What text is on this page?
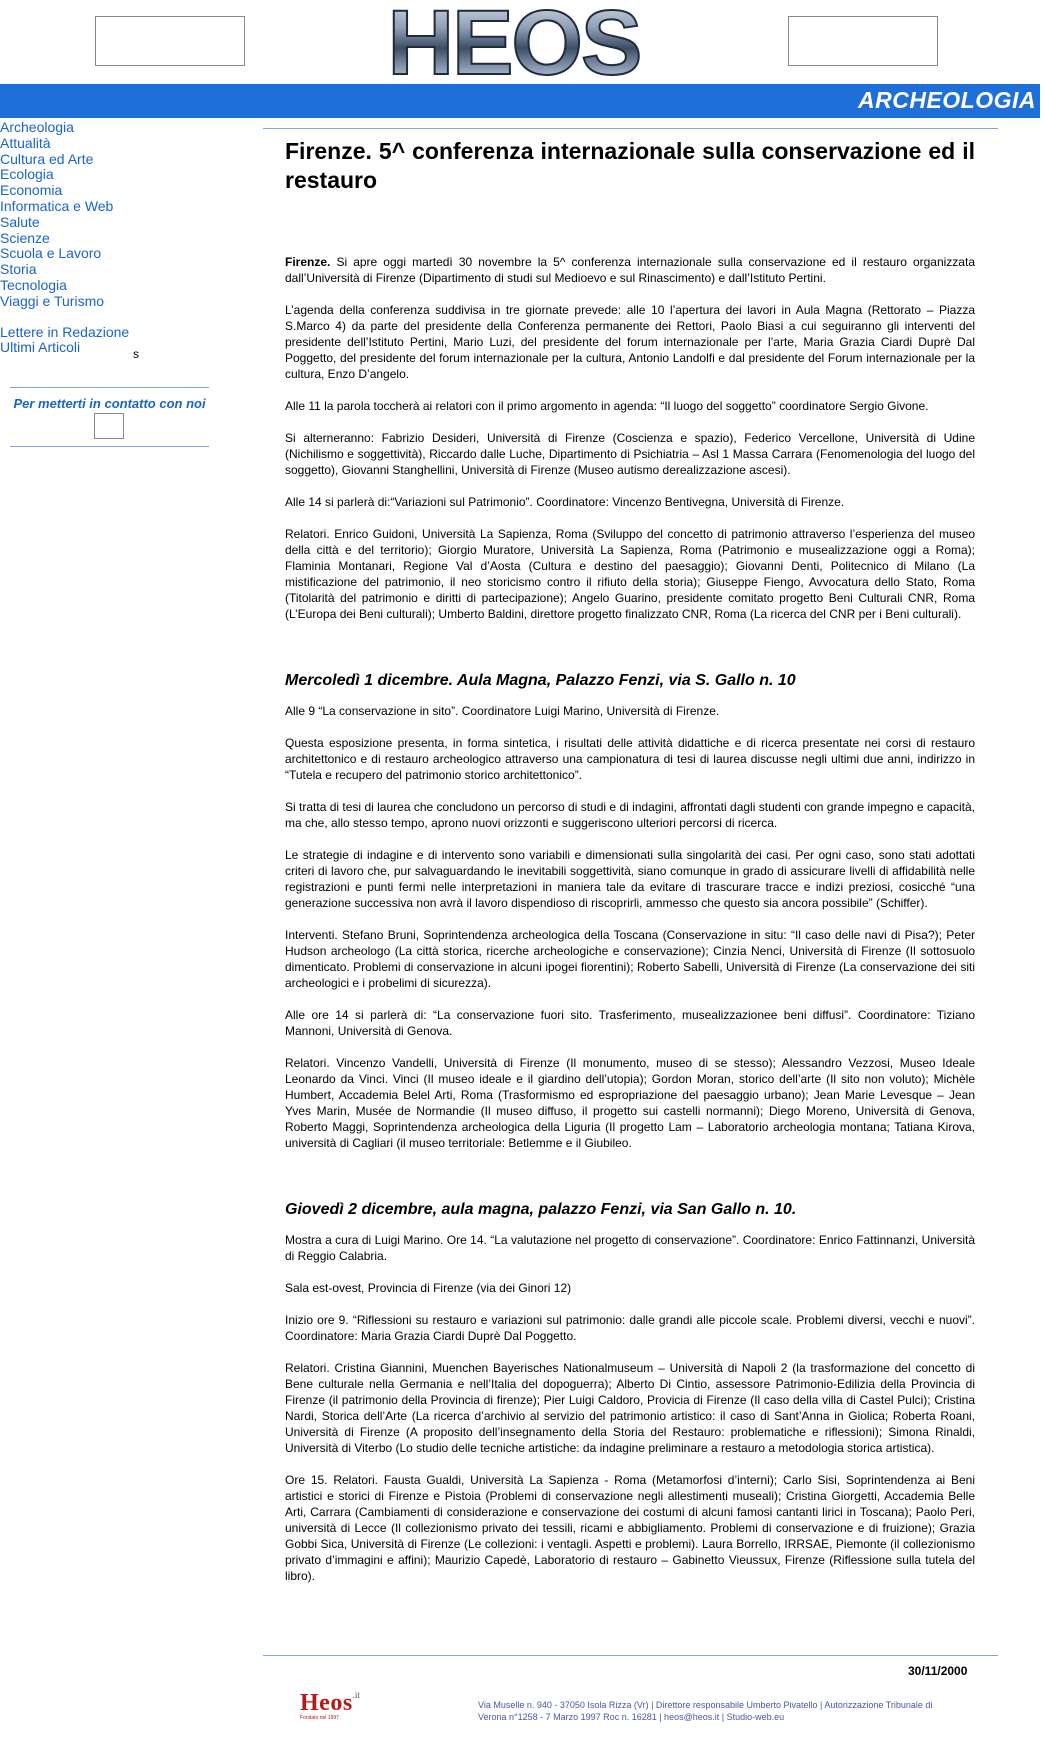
HEOS
ARCHEOLOGIA
Archeologia
Attualità
Cultura ed Arte
Ecologia
Economia
Informatica e Web
Salute
Scienze
Scuola e Lavoro
Storia
Tecnologia
Viaggi e Turismo
Lettere in Redazione
Ultimi Articoli	s
Per metterti in contatto con noi
Firenze. 5^ conferenza internazionale sulla conservazione ed il restauro

Firenze. Si apre oggi martedì 30 novembre la 5^ conferenza internazionale sulla conservazione ed il restauro organizzata dall’Università di Firenze (Dipartimento di studi sul Medioevo e sul Rinascimento) e dall’Istituto Pertini.

L’agenda della conferenza suddivisa in tre giornate prevede: alle 10 l’apertura dei lavori in Aula Magna (Rettorato – Piazza S.Marco 4) da parte del presidente della Conferenza permanente dei Rettori, Paolo Biasi a cui seguiranno gli interventi del presidente dell’Istituto Pertini, Mario Luzi, del presidente del forum internazionale per l’arte, Maria Grazia Ciardi Duprè Dal Poggetto, del presidente del forum internazionale per la cultura, Antonio Landolfi e dal presidente del Forum internazionale per la cultura, Enzo D’angelo.

Alle 11 la parola toccherà ai relatori con il primo argomento in agenda: “Il luogo del soggetto” coordinatore Sergio Givone.

Si alterneranno: Fabrizio Desideri, Università di Firenze (Coscienza e spazio), Federico Vercellone, Università di Udine (Nichilismo e soggettività), Riccardo dalle Luche, Dipartimento di Psichiatria – Asl 1 Massa Carrara (Fenomenologia del luogo del soggetto), Giovanni Stanghellini, Università di Firenze (Museo autismo derealizzazione ascesi).

Alle 14 si parlerà di:“Variazioni sul Patrimonio”. Coordinatore: Vincenzo Bentivegna, Università di Firenze.

Relatori. Enrico Guidoni, Università La Sapienza, Roma (Sviluppo del concetto di patrimonio attraverso l’esperienza del museo della città e del territorio); Giorgio Muratore, Università La Sapienza, Roma (Patrimonio e musealizzazione oggi a Roma); Flaminia Montanari, Regione Val d’Aosta (Cultura e destino del paesaggio); Giovanni Denti, Politecnico di Milano (La mistificazione del patrimonio, il neo storicismo contro il rifiuto della storia); Giuseppe Fiengo, Avvocatura dello Stato, Roma (Titolarità del patrimonio e diritti di partecipazione); Angelo Guarino, presidente comitato progetto Beni Culturali CNR, Roma (L’Europa dei Beni culturali); Umberto Baldini, direttore progetto finalizzato CNR, Roma (La ricerca del CNR per i Beni culturali).

Mercoledì 1 dicembre. Aula Magna, Palazzo Fenzi, via S. Gallo n. 10

Alle 9 “La conservazione in sito”. Coordinatore Luigi Marino, Università di Firenze.

Questa esposizione presenta, in forma sintetica, i risultati delle attività didattiche e di ricerca presentate nei corsi di restauro architettonico e di restauro archeologico attraverso una campionatura di tesi di laurea discusse negli ultimi due anni, indirizzo in “Tutela e recupero del patrimonio storico architettonico”.

Si tratta di tesi di laurea che concludono un percorso di studi e di indagini, affrontati dagli studenti con grande impegno e capacità, ma che, allo stesso tempo, aprono nuovi orizzonti e suggeriscono ulteriori percorsi di ricerca.

Le strategie di indagine e di intervento sono variabili e dimensionati sulla singolarità dei casi. Per ogni caso, sono stati adottati criteri di lavoro che, pur salvaguardando le inevitabili soggettività, siano comunque in grado di assicurare livelli di affidabilità nelle registrazioni e punti fermi nelle interpretazioni in maniera tale da evitare di trascurare tracce e indizi preziosi, cosicché “una generazione successiva non avrà il lavoro dispendioso di riscoprirli, ammesso che questo sia ancora possibile” (Schiffer).

Interventi. Stefano Bruni, Soprintendenza archeologica della Toscana (Conservazione in situ: “Il caso delle navi di Pisa?); Peter Hudson archeologo (La città storica, ricerche archeologiche e conservazione); Cinzia Nenci, Università di Firenze (Il sottosuolo dimenticato. Problemi di conservazione in alcuni ipogei fiorentini); Roberto Sabelli, Università di Firenze (La conservazione dei siti archeologici e i probelimi di sicurezza).

Alle ore 14 si parlerà di: “La conservazione fuori sito. Trasferimento, musealizzazionee beni diffusi”. Coordinatore: Tiziano Mannoni, Università di Genova.

Relatori. Vincenzo Vandelli, Università di Firenze (Il monumento, museo di se stesso); Alessandro Vezzosi, Museo Ideale Leonardo da Vinci. Vinci (Il museo ideale e il giardino dell’utopia); Gordon Moran, storico dell’arte (Il sito non voluto); Michèle Humbert, Accademia Belel Arti, Roma (Trasformismo ed espropriazione del paesaggio urbano); Jean Marie Levesque – Jean Yves Marin, Musée de Normandie (Il museo diffuso, il progetto sui castelli normanni); Diego Moreno, Università di Genova, Roberto Maggi, Soprintendenza archeologica della Liguria (Il progetto Lam – Laboratorio archeologia montana; Tatiana Kirova, università di Cagliari (il museo territoriale: Betlemme e il Giubileo.

Giovedì 2 dicembre, aula magna, palazzo Fenzi, via San Gallo n. 10.

Mostra a cura di Luigi Marino. Ore 14. “La valutazione nel progetto di conservazione”. Coordinatore: Enrico Fattinnanzi, Università di Reggio Calabria.

Sala est-ovest, Provincia di Firenze (via dei Ginori 12)

Inizio ore 9. “Riflessioni su restauro e variazioni sul patrimonio: dalle grandi alle piccole scale. Problemi diversi, vecchi e nuovi”. Coordinatore: Maria Grazia Ciardi Duprè Dal Poggetto.

Relatori. Cristina Giannini, Muenchen Bayerisches Nationalmuseum – Università di Napoli 2 (la trasformazione del concetto di Bene culturale nella Germania e nell’Italia del dopoguerra); Alberto Di Cintio, assessore Patrimonio-Edilizia della Provincia di Firenze (il patrimonio della Provincia di firenze); Pier Luigi Caldoro, Provicia di Firenze (Il caso della villa di Castel Pulci); Cristina Nardi, Storica dell’Arte (La ricerca d’archivio al servizio del patrimonio artistico: il caso di Sant’Anna in Giolica; Roberta Roani, Università di Firenze (A proposito dell’insegnamento della Storia del Restauro: problematiche e riflessioni); Simona Rinaldi, Università di Viterbo (Lo studio delle tecniche artistiche: da indagine preliminare a restauro a metodologia storica artistica).

Ore 15. Relatori. Fausta Gualdi, Università La Sapienza - Roma (Metamorfosi d’interni); Carlo Sisi, Soprintendenza ai Beni artistici e storici di Firenze e Pistoia (Problemi di conservazione negli allestimenti museali); Cristina Giorgetti, Accademia Belle Arti, Carrara (Cambiamenti di considerazione e conservazione dei costumi di alcuni famosi cantanti lirici in Toscana); Paolo Peri, università di Lecce (Il collezionismo privato dei tessili, ricami e abbigliamento. Problemi di conservazione e di fruizione); Grazia Gobbi Sica, Università di Firenze (Le collezioni: i ventagli. Aspetti e problemi). Laura Borrello, IRRSAE, Piemonte (il collezionismo privato d’immagini e affini); Maurizio Capedè, Laboratorio di restauro – Gabinetto Vieussux, Firenze (Riflessione sulla tutela del libro).

30/11/2000
Heos$^{.it}$
Fondato nel 1997
Via Muselle n. 940 - 37050 Isola Rizza (Vr) | Direttore responsabile Umberto Pivatello | Autorizzazione Tribunale di
Verona n°1258 - 7 Marzo 1997 Roc n. 16281 | heos@heos.it | Studio-web.eu
